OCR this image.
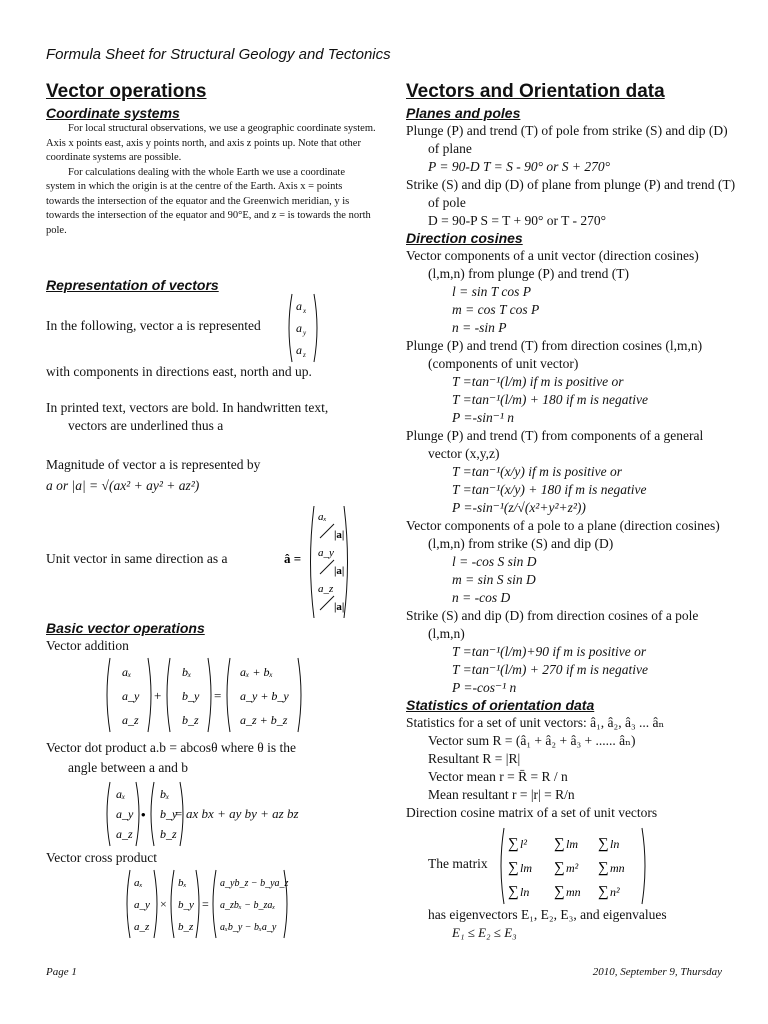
Formula Sheet for Structural Geology and Tectonics
Vector operations
Coordinate systems

For local structural observations, we use a geographic coordinate system. Axis x points east, axis y points north, and axis z points up. Note that other coordinate systems are possible.

For calculations dealing with the whole Earth we use a coordinate system in which the origin is at the centre of the Earth. Axis x = points towards the intersection of the equator and the Greenwich meridian, y is towards the intersection of the equator and 90°E, and z = is towards the north pole.

Representation of vectors
In the following, vector a is represented
a x
a y
a z
with components in directions east, north and up.
In printed text, vectors are bold. In handwritten text,
vectors are underlined thus a
Magnitude of vector a is represented by
a or |a| = √(ax² + ay² + az²)
Unit vector in same direction as a	â =
aₓ
|a|
a_y
|a|
a_z
|a|
Basic vector operations
Vector addition
aₓ
a_y
a_z
+
bₓ
b_y
b_z
=
aₓ + bₓ
a_y + b_y
a_z + b_z
Vector dot product a.b = abcosθ where θ is the
angle between a and b
aₓ
a_y
a_z
•
bₓ
b_y
b_z
= ax bx + ay by + az bz
Vector cross product
aₓ
a_y
a_z
×
bₓ
b_y
b_z
=
a_yb_z − b_ya_z
a_zbₓ − b_zaₓ
aₓb_y − bₓa_y
Vectors and Orientation data
Planes and poles

Plunge (P) and trend (T) of pole from strike (S) and dip (D) of plane

P = 90-D T = S - 90° or S + 270°

Strike (S) and dip (D) of plane from plunge (P) and trend (T) of pole

D = 90-P S = T + 90° or T - 270°

Direction cosines

Vector components of a unit vector (direction cosines) (l,m,n) from plunge (P) and trend (T)

l = sin T cos P

m = cos T cos P

n = -sin P

Plunge (P) and trend (T) from direction cosines (l,m,n) (components of unit vector)

T =tan⁻¹(l/m) if m is positive or

T =tan⁻¹(l/m) + 180 if m is negative

P =-sin⁻¹ n

Plunge (P) and trend (T) from components of a general vector (x,y,z)

T =tan⁻¹(x/y) if m is positive or

T =tan⁻¹(x/y) + 180 if m is negative

P =-sin⁻¹(z/√(x²+y²+z²))

Vector components of a pole to a plane (direction cosines) (l,m,n) from strike (S) and dip (D)

l = -cos S sin D

m = sin S sin D

n = -cos D

Strike (S) and dip (D) from direction cosines of a pole (l,m,n)

T =tan⁻¹(l/m)+90 if m is positive or

T =tan⁻¹(l/m) + 270 if m is negative

P =-cos⁻¹ n

Statistics of orientation data

Statistics for a set of unit vectors: â₁, â₂, â₃ ... âₙ

Vector sum R = (â₁ + â₂ + â₃ + ...... âₙ)

Resultant R = |R|

Vector mean r = R̄ = R / n

Mean resultant r = |r| = R/n

Direction cosine matrix of a set of unit vectors

The matrix
∑ l² ∑ lm ∑ ln
∑ lm ∑ m² ∑ mn
∑ ln ∑ mn ∑ n²
has eigenvectors E₁, E₂, E₃, and eigenvalues
E₁ ≤ E₂ ≤ E₃
Page 1	2010, September 9, Thursday
